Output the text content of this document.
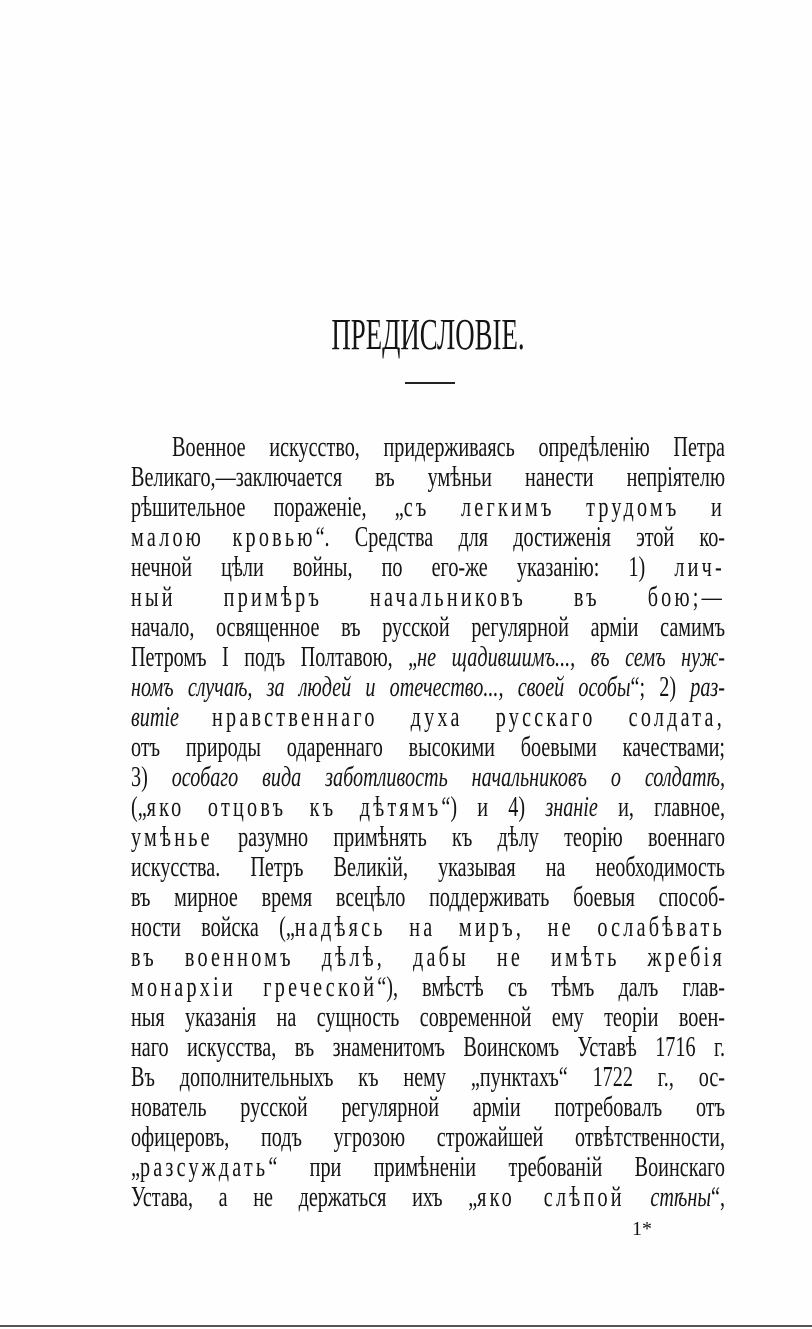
ПРЕДИСЛОВІЕ.
Военное искусство, придерживаясь опредѣленію Петра
Великаго,—заключается въ умѣньи нанести непріятелю
рѣшительное пораженіе, „съ легкимъ трудомъ и
малою кровью“. Средства для достиженія этой ко-
нечной цѣли войны, по его-же указанію: 1) лич-
ный примѣръ начальниковъ въ бою;—
начало, освященное въ русской регулярной арміи самимъ
Петромъ I подъ Полтавою, „не щадившимъ..., въ семъ нуж-
номъ случаѣ, за людей и отечество..., своей особы“; 2) раз-
витіе нравственнаго духа русскаго солдата,
отъ природы одареннаго высокими боевыми качествами;
3) особаго вида заботливость начальниковъ о солдатѣ,
(„яко отцовъ къ дѣтямъ“) и 4) знаніе и, главное,
умѣнье разумно примѣнять къ дѣлу теорію военнаго
искусства. Петръ Великій, указывая на необходимость
въ мирное время всецѣло поддерживать боевыя способ-
ности войска („надѣясь на миръ, не ослабѣвать
въ военномъ дѣлѣ, дабы не имѣть жребія
монархіи греческой“), вмѣстѣ съ тѣмъ далъ глав-
ныя указанія на сущность современной ему теоріи воен-
наго искусства, въ знаменитомъ Воинскомъ Уставѣ 1716 г.
Въ дополнительныхъ къ нему „пунктахъ“ 1722 г., ос-
нователь русской регулярной арміи потребовалъ отъ
офицеровъ, подъ угрозою строжайшей отвѣтственности,
„разсуждать“ при примѣненіи требованій Воинскаго
Устава, а не держаться ихъ „яко слѣпой стѣны“,
1*
